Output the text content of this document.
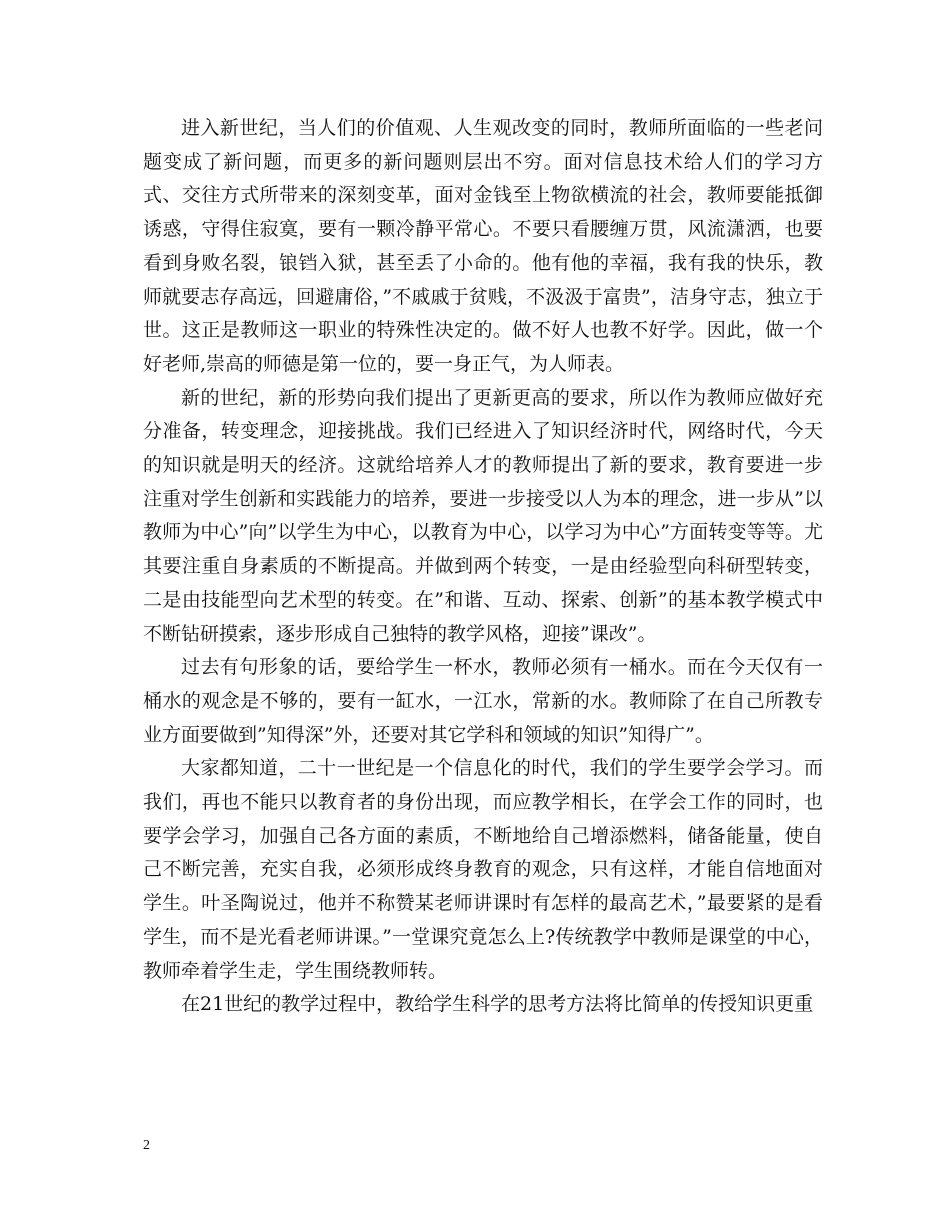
进入新世纪，当人们的价值观、人生观改变的同时，教师所面临的一些老问题变成了新问题，而更多的新问题则层出不穷。面对信息技术给人们的学习方式、交往方式所带来的深刻变革，面对金钱至上物欲横流的社会，教师要能抵御诱惑，守得住寂寞，要有一颗冷静平常心。不要只看腰缠万贯，风流潇洒，也要看到身败名裂，锒铛入狱，甚至丢了小命的。他有他的幸福，我有我的快乐，教师就要志存高远，回避庸俗，”不戚戚于贫贱，不汲汲于富贵”，洁身守志，独立于世。这正是教师这一职业的特殊性决定的。做不好人也教不好学。因此，做一个好老师,崇高的师德是第一位的，要一身正气，为人师表。

新的世纪，新的形势向我们提出了更新更高的要求，所以作为教师应做好充分准备，转变理念，迎接挑战。我们已经进入了知识经济时代，网络时代，今天的知识就是明天的经济。这就给培养人才的教师提出了新的要求，教育要进一步注重对学生创新和实践能力的培养，要进一步接受以人为本的理念，进一步从”以教师为中心”向”以学生为中心，以教育为中心，以学习为中心”方面转变等等。尤其要注重自身素质的不断提高。并做到两个转变，一是由经验型向科研型转变，二是由技能型向艺术型的转变。在”和谐、互动、探索、创新”的基本教学模式中不断钻研摸索，逐步形成自己独特的教学风格，迎接”课改”。

过去有句形象的话，要给学生一杯水，教师必须有一桶水。而在今天仅有一桶水的观念是不够的，要有一缸水，一江水，常新的水。教师除了在自己所教专业方面要做到”知得深”外，还要对其它学科和领域的知识”知得广”。

大家都知道，二十一世纪是一个信息化的时代，我们的学生要学会学习。而我们，再也不能只以教育者的身份出现，而应教学相长，在学会工作的同时，也要学会学习，加强自己各方面的素质，不断地给自己增添燃料，储备能量，使自己不断完善，充实自我，必须形成终身教育的观念，只有这样，才能自信地面对学生。叶圣陶说过，他并不称赞某老师讲课时有怎样的最高艺术，”最要紧的是看学生，而不是光看老师讲课。”一堂课究竟怎么上?传统教学中教师是课堂的中心，教师牵着学生走，学生围绕教师转。

在21世纪的教学过程中，教给学生科学的思考方法将比简单的传授知识更重

2
